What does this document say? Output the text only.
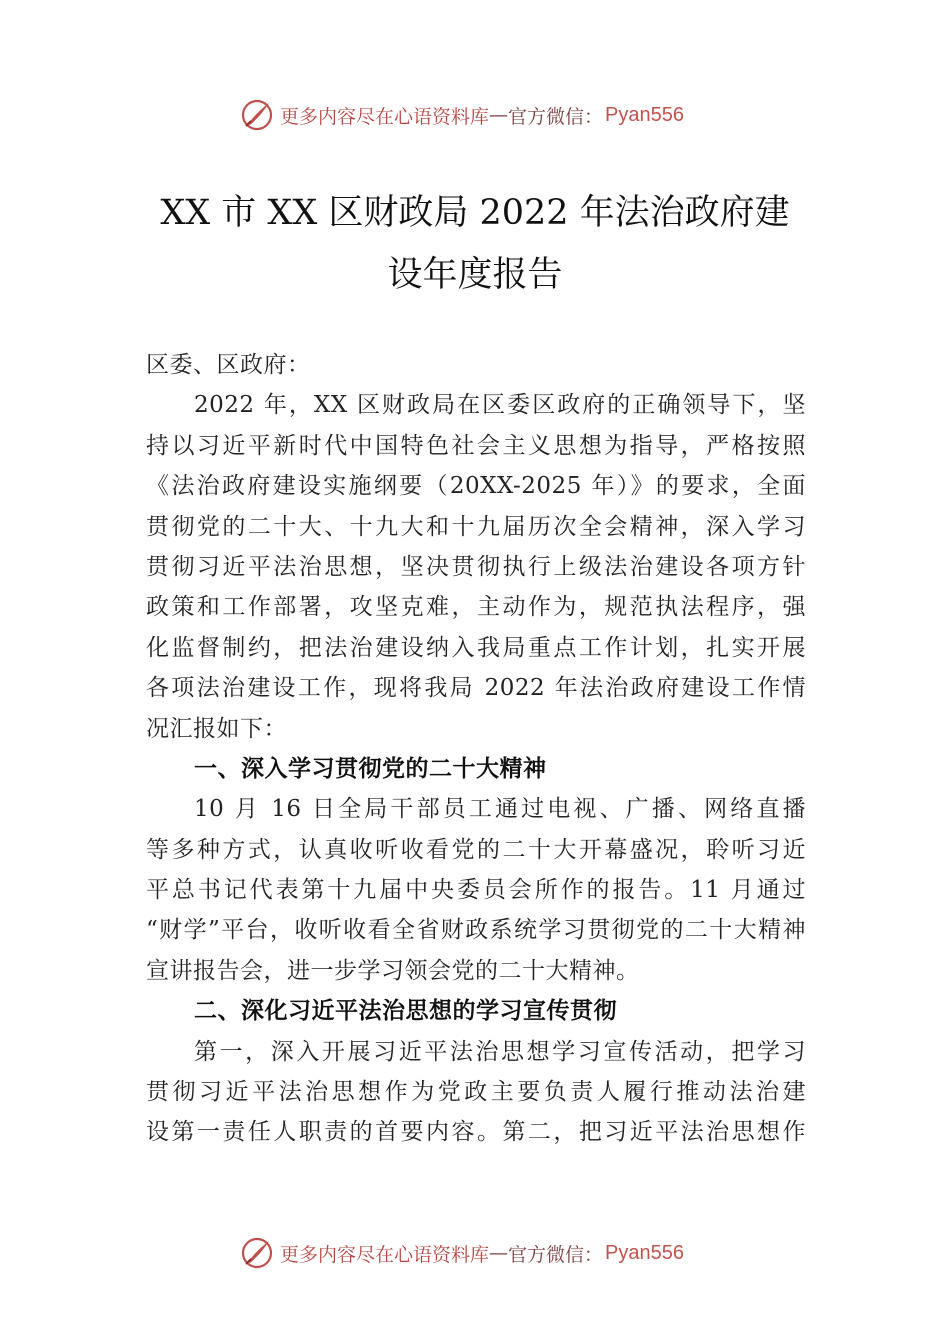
更多内容尽在心语资料库 — 官方微信： Pyan556
XX 市 XX 区财政局 2022 年法治政府建
设年度报告
区委、区政府：
2022 年，XX 区财政局在区委区政府的正确领导下，坚
持以习近平新时代中国特色社会主义思想为指导，严格按照
《法治政府建设实施纲要（20XX-2025 年）》的要求，全面
贯彻党的二十大、十九大和十九届历次全会精神，深入学习
贯彻习近平法治思想，坚决贯彻执行上级法治建设各项方针
政策和工作部署，攻坚克难，主动作为，规范执法程序，强
化监督制约，把法治建设纳入我局重点工作计划，扎实开展
各项法治建设工作，现将我局 2022 年法治政府建设工作情
况汇报如下：
一、深入学习贯彻党的二十大精神
10 月 16 日全局干部员工通过电视、广播、网络直播
等多种方式，认真收听收看党的二十大开幕盛况，聆听习近
平总书记代表第十九届中央委员会所作的报告。11 月通过
“财学”平台，收听收看全省财政系统学习贯彻党的二十大精神
宣讲报告会，进一步学习领会党的二十大精神。
二、深化习近平法治思想的学习宣传贯彻
第一，深入开展习近平法治思想学习宣传活动，把学习
贯彻习近平法治思想作为党政主要负责人履行推动法治建
设第一责任人职责的首要内容。第二，把习近平法治思想作
更多内容尽在心语资料库 — 官方微信： Pyan556
